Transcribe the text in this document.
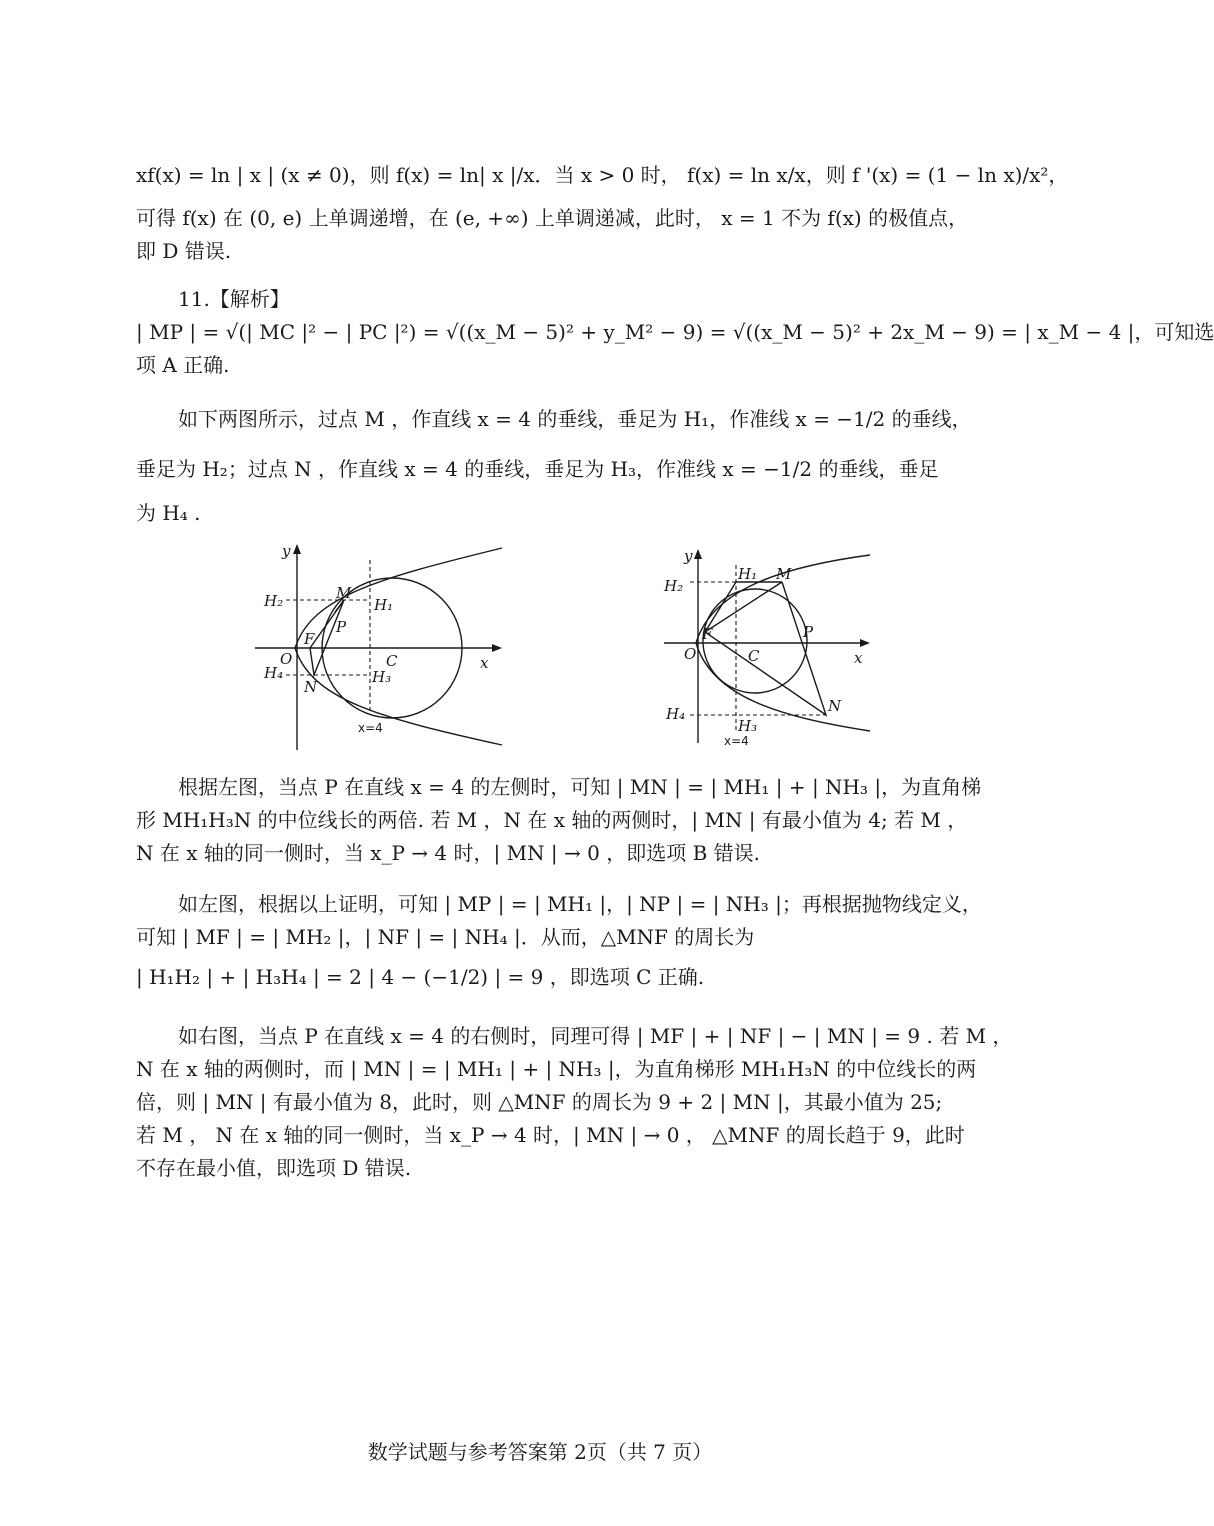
xf(x) = ln | x | (x ≠ 0)，则 f(x) = ln| x |/x．当 x > 0 时， f(x) = ln x/x，则 f '(x) = (1 − ln x)/x²，
可得 f(x) 在 (0, e) 上单调递增，在 (e, +∞) 上单调递减，此时， x = 1 不为 f(x) 的极值点，
即 D 错误.
11.【解析】
| MP | = √(| MC |² − | PC |²) = √((x_M − 5)² + y_M² − 9) = √((x_M − 5)² + 2x_M − 9) = | x_M − 4 |，可知选
项 A 正确.
如下两图所示，过点 M ，作直线 x = 4 的垂线，垂足为 H₁，作准线 x = −1/2 的垂线，
垂足为 H₂；过点 N ，作直线 x = 4 的垂线，垂足为 H₃，作准线 x = −1/2 的垂线，垂足
为 H₄ .
根据左图，当点 P 在直线 x = 4 的左侧时，可知 | MN | = | MH₁ | + | NH₃ |，为直角梯
形 MH₁H₃N 的中位线长的两倍. 若 M ，N 在 x 轴的两侧时，| MN | 有最小值为 4; 若 M ，
N 在 x 轴的同一侧时，当 x_P → 4 时，| MN | → 0 ，即选项 B 错误.
如左图，根据以上证明，可知 | MP | = | MH₁ |，| NP | = | NH₃ |；再根据抛物线定义，
可知 | MF | = | MH₂ |，| NF | = | NH₄ |．从而，△MNF 的周长为
| H₁H₂ | + | H₃H₄ | = 2 | 4 − (−1/2) | = 9 ，即选项 C 正确.
如右图，当点 P 在直线 x = 4 的右侧时，同理可得 | MF | + | NF | − | MN | = 9 . 若 M ，
N 在 x 轴的两侧时，而 | MN | = | MH₁ | + | NH₃ |，为直角梯形 MH₁H₃N 的中位线长的两
倍，则 | MN | 有最小值为 8，此时，则 △MNF 的周长为 9 + 2 | MN |，其最小值为 25;
若 M ， N 在 x 轴的同一侧时，当 x_P → 4 时，| MN | → 0 ， △MNF 的周长趋于 9，此时
不存在最小值，即选项 D 错误.
y
x
O
H₂	H₁
M
P
F
C
H₄	H₃
N
x=4
y
x
O
H₂
H₁ M
P
F
C
H₄
H₃
N
x=4
数学试题与参考答案第 2页（共 7 页）
